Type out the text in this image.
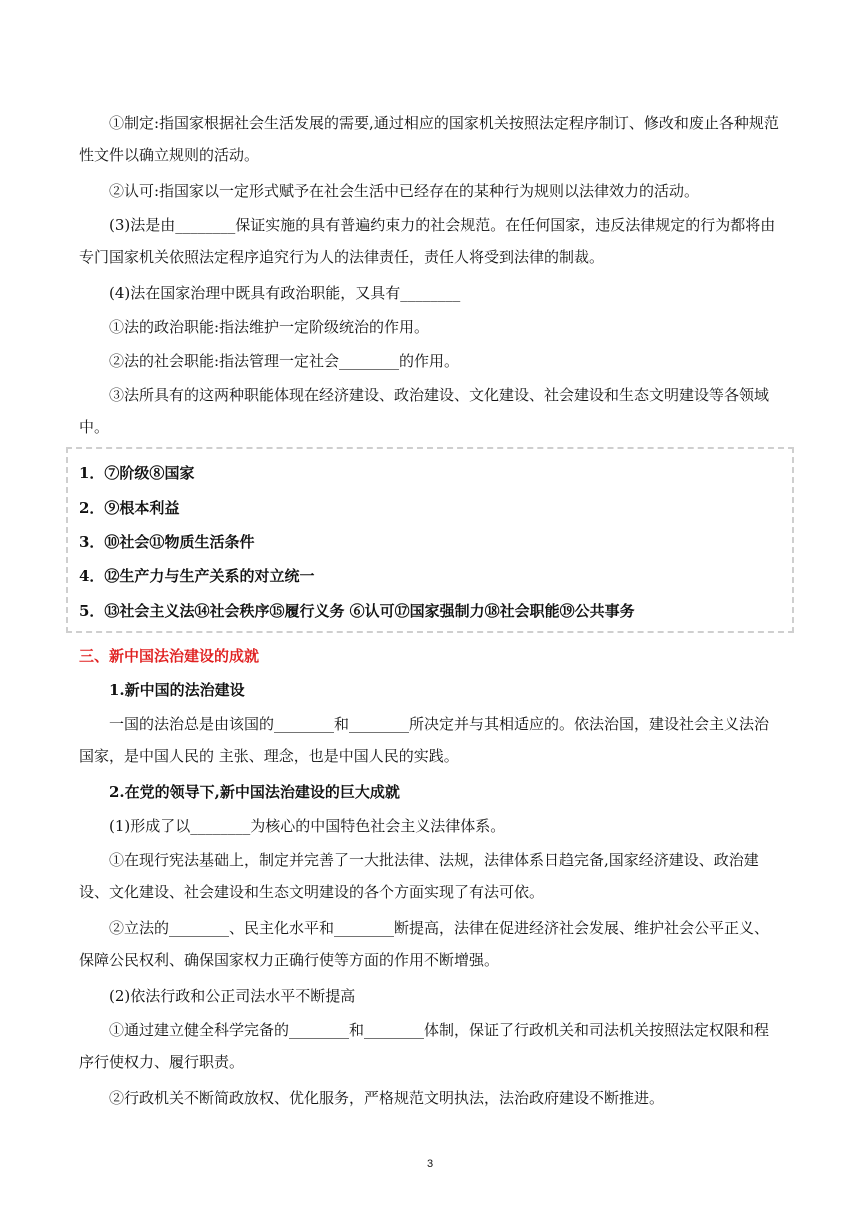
①制定:指国家根据社会生活发展的需要,通过相应的国家机关按照法定程序制订、修改和废止各种规范性文件以确立规则的活动。

②认可:指国家以一定形式赋予在社会生活中已经存在的某种行为规则以法律效力的活动。

(3)法是由________保证实施的具有普遍约束力的社会规范。在任何国家，违反法律规定的行为都将由专门国家机关依照法定程序追究行为人的法律责任，责任人将受到法律的制裁。

(4)法在国家治理中既具有政治职能，又具有________

①法的政治职能:指法维护一定阶级统治的作用。

②法的社会职能:指法管理一定社会________的作用。

③法所具有的这两种职能体现在经济建设、政治建设、文化建设、社会建设和生态文明建设等各领域中。

1．⑦阶级⑧国家
2．⑨根本利益
3．⑩社会⑪物质生活条件
4．⑫生产力与生产关系的对立统一
5．⑬社会主义法⑭社会秩序⑮履行义务 ⑥认可⑰国家强制力⑱社会职能⑲公共事务

三、新中国法治建设的成就

1.新中国的法治建设

一国的法治总是由该国的________和________所决定并与其相适应的。依法治国，建设社会主义法治国家，是中国人民的 主张、理念，也是中国人民的实践。

2.在党的领导下,新中国法治建设的巨大成就

(1)形成了以________为核心的中国特色社会主义法律体系。

①在现行宪法基础上，制定并完善了一大批法律、法规，法律体系日趋完备,国家经济建设、政治建设、文化建设、社会建设和生态文明建设的各个方面实现了有法可依。

②立法的________、民主化水平和________断提高，法律在促进经济社会发展、维护社会公平正义、保障公民权利、确保国家权力正确行使等方面的作用不断增强。

(2)依法行政和公正司法水平不断提高

①通过建立健全科学完备的________和________体制，保证了行政机关和司法机关按照法定权限和程序行使权力、履行职责。

②行政机关不断简政放权、优化服务，严格规范文明执法，法治政府建设不断推进。

3
